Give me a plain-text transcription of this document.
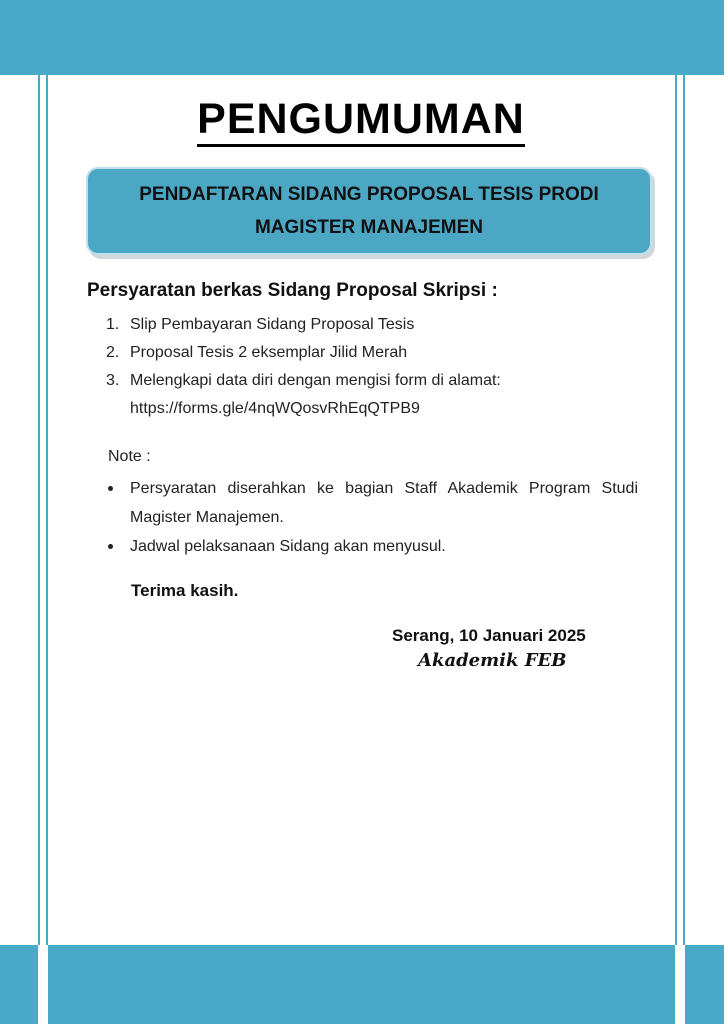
PENGUMUMAN
PENDAFTARAN SIDANG PROPOSAL TESIS PRODI
MAGISTER MANAJEMEN
Persyaratan berkas Sidang Proposal Skripsi :
1. Slip Pembayaran Sidang Proposal Tesis
2. Proposal Tesis 2 eksemplar Jilid Merah
3. Melengkapi data diri dengan mengisi form di alamat:
https://forms.gle/4nqWQosvRhEqQTPB9
Note :
Persyaratan diserahkan ke bagian Staff Akademik Program Studi Magister Manajemen.
Jadwal pelaksanaan Sidang akan menyusul.
Terima kasih.
Serang, 10 Januari 2025
Akademik FEB
